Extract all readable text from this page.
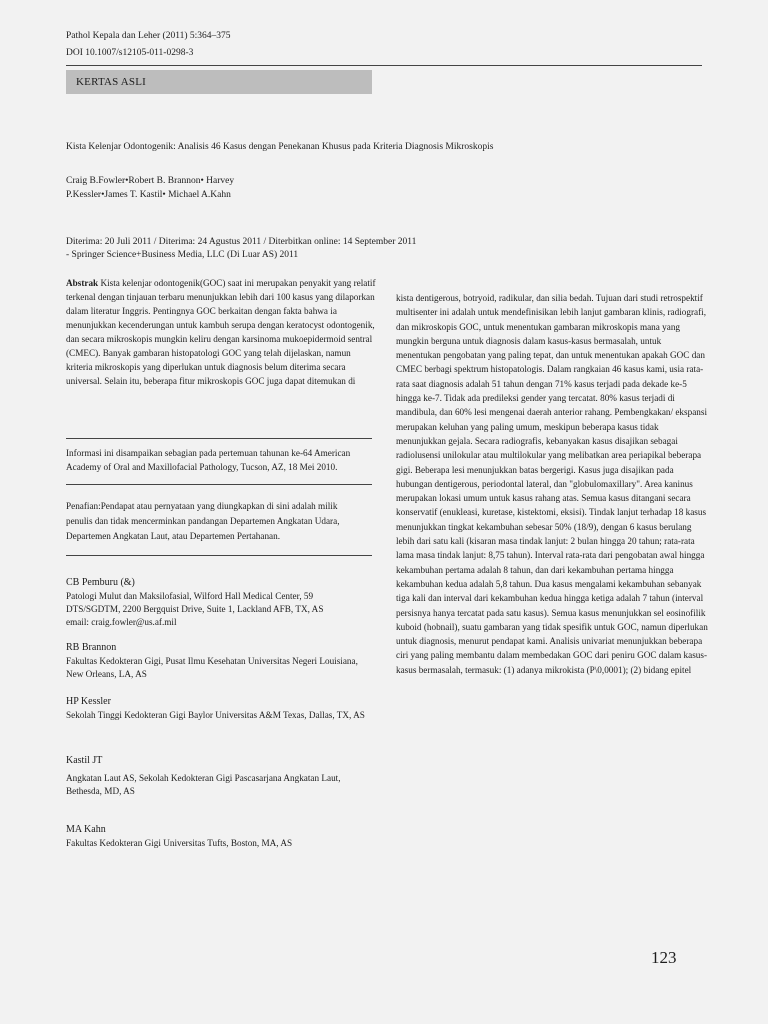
Pathol Kepala dan Leher (2011) 5:364–375
DOI 10.1007/s12105-011-0298-3
KERTAS ASLI
Kista Kelenjar Odontogenik: Analisis 46 Kasus dengan Penekanan Khusus pada Kriteria Diagnosis Mikroskopis
Craig B.Fowler•Robert B. Brannon• Harvey
P.Kessler•James T. Kastil• Michael A.Kahn
Diterima: 20 Juli 2011 / Diterima: 24 Agustus 2011 / Diterbitkan online: 14 September 2011
- Springer Science+Business Media, LLC (Di Luar AS) 2011
Abstrak Kista kelenjar odontogenik(GOC) saat ini merupakan penyakit yang relatif terkenal dengan tinjauan terbaru menunjukkan lebih dari 100 kasus yang dilaporkan dalam literatur Inggris. Pentingnya GOC berkaitan dengan fakta bahwa ia menunjukkan kecenderungan untuk kambuh serupa dengan keratocyst odontogenik, dan secara mikroskopis mungkin keliru dengan karsinoma mukoepidermoid sentral (CMEC). Banyak gambaran histopatologi GOC yang telah dijelaskan, namun kriteria mikroskopis yang diperlukan untuk diagnosis belum diterima secara universal. Selain itu, beberapa fitur mikroskopis GOC juga dapat ditemukan di
Informasi ini disampaikan sebagian pada pertemuan tahunan ke-64 American Academy of Oral and Maxillofacial Pathology, Tucson, AZ, 18 Mei 2010.
Penafian:Pendapat atau pernyataan yang diungkapkan di sini adalah milik penulis dan tidak mencerminkan pandangan Departemen Angkatan Udara, Departemen Angkatan Laut, atau Departemen Pertahanan.
CB Pemburu (&)
Patologi Mulut dan Maksilofasial, Wilford Hall Medical Center, 59 DTS/SGDTM, 2200 Bergquist Drive, Suite 1, Lackland AFB, TX, AS
email: craig.fowler@us.af.mil
RB Brannon
Fakultas Kedokteran Gigi, Pusat Ilmu Kesehatan Universitas Negeri Louisiana, New Orleans, LA, AS
HP Kessler
Sekolah Tinggi Kedokteran Gigi Baylor Universitas A&M Texas, Dallas, TX, AS
Kastil JT
Angkatan Laut AS, Sekolah Kedokteran Gigi Pascasarjana Angkatan Laut, Bethesda, MD, AS
MA Kahn
Fakultas Kedokteran Gigi Universitas Tufts, Boston, MA, AS
kista dentigerous, botryoid, radikular, dan silia bedah. Tujuan dari studi retrospektif multisenter ini adalah untuk mendefinisikan lebih lanjut gambaran klinis, radiografi, dan mikroskopis GOC, untuk menentukan gambaran mikroskopis mana yang mungkin berguna untuk diagnosis dalam kasus-kasus bermasalah, untuk menentukan pengobatan yang paling tepat, dan untuk menentukan apakah GOC dan CMEC berbagi spektrum histopatologis. Dalam rangkaian 46 kasus kami, usia rata-rata saat diagnosis adalah 51 tahun dengan 71% kasus terjadi pada dekade ke-5 hingga ke-7. Tidak ada predileksi gender yang tercatat. 80% kasus terjadi di mandibula, dan 60% lesi mengenai daerah anterior rahang. Pembengkakan/ ekspansi merupakan keluhan yang paling umum, meskipun beberapa kasus tidak menunjukkan gejala. Secara radiografis, kebanyakan kasus disajikan sebagai radiolusensi unilokular atau multilokular yang melibatkan area periapikal beberapa gigi. Beberapa lesi menunjukkan batas bergerigi. Kasus juga disajikan pada hubungan dentigerous, periodontal lateral, dan "globulomaxillary". Area kaninus merupakan lokasi umum untuk kasus rahang atas. Semua kasus ditangani secara konservatif (enukleasi, kuretase, kistektomi, eksisi). Tindak lanjut terhadap 18 kasus menunjukkan tingkat kekambuhan sebesar 50% (18/9), dengan 6 kasus berulang lebih dari satu kali (kisaran masa tindak lanjut: 2 bulan hingga 20 tahun; rata-rata lama masa tindak lanjut: 8,75 tahun). Interval rata-rata dari pengobatan awal hingga kekambuhan pertama adalah 8 tahun, dan dari kekambuhan pertama hingga kekambuhan kedua adalah 5,8 tahun. Dua kasus mengalami kekambuhan sebanyak tiga kali dan interval dari kekambuhan kedua hingga ketiga adalah 7 tahun (interval persisnya hanya tercatat pada satu kasus). Semua kasus menunjukkan sel eosinofilik kuboid (hobnail), suatu gambaran yang tidak spesifik untuk GOC, namun diperlukan untuk diagnosis, menurut pendapat kami. Analisis univariat menunjukkan beberapa ciri yang paling membantu dalam membedakan GOC dari peniru GOC dalam kasus-kasus bermasalah, termasuk: (1) adanya mikrokista (P\0,0001); (2) bidang epitel
123
